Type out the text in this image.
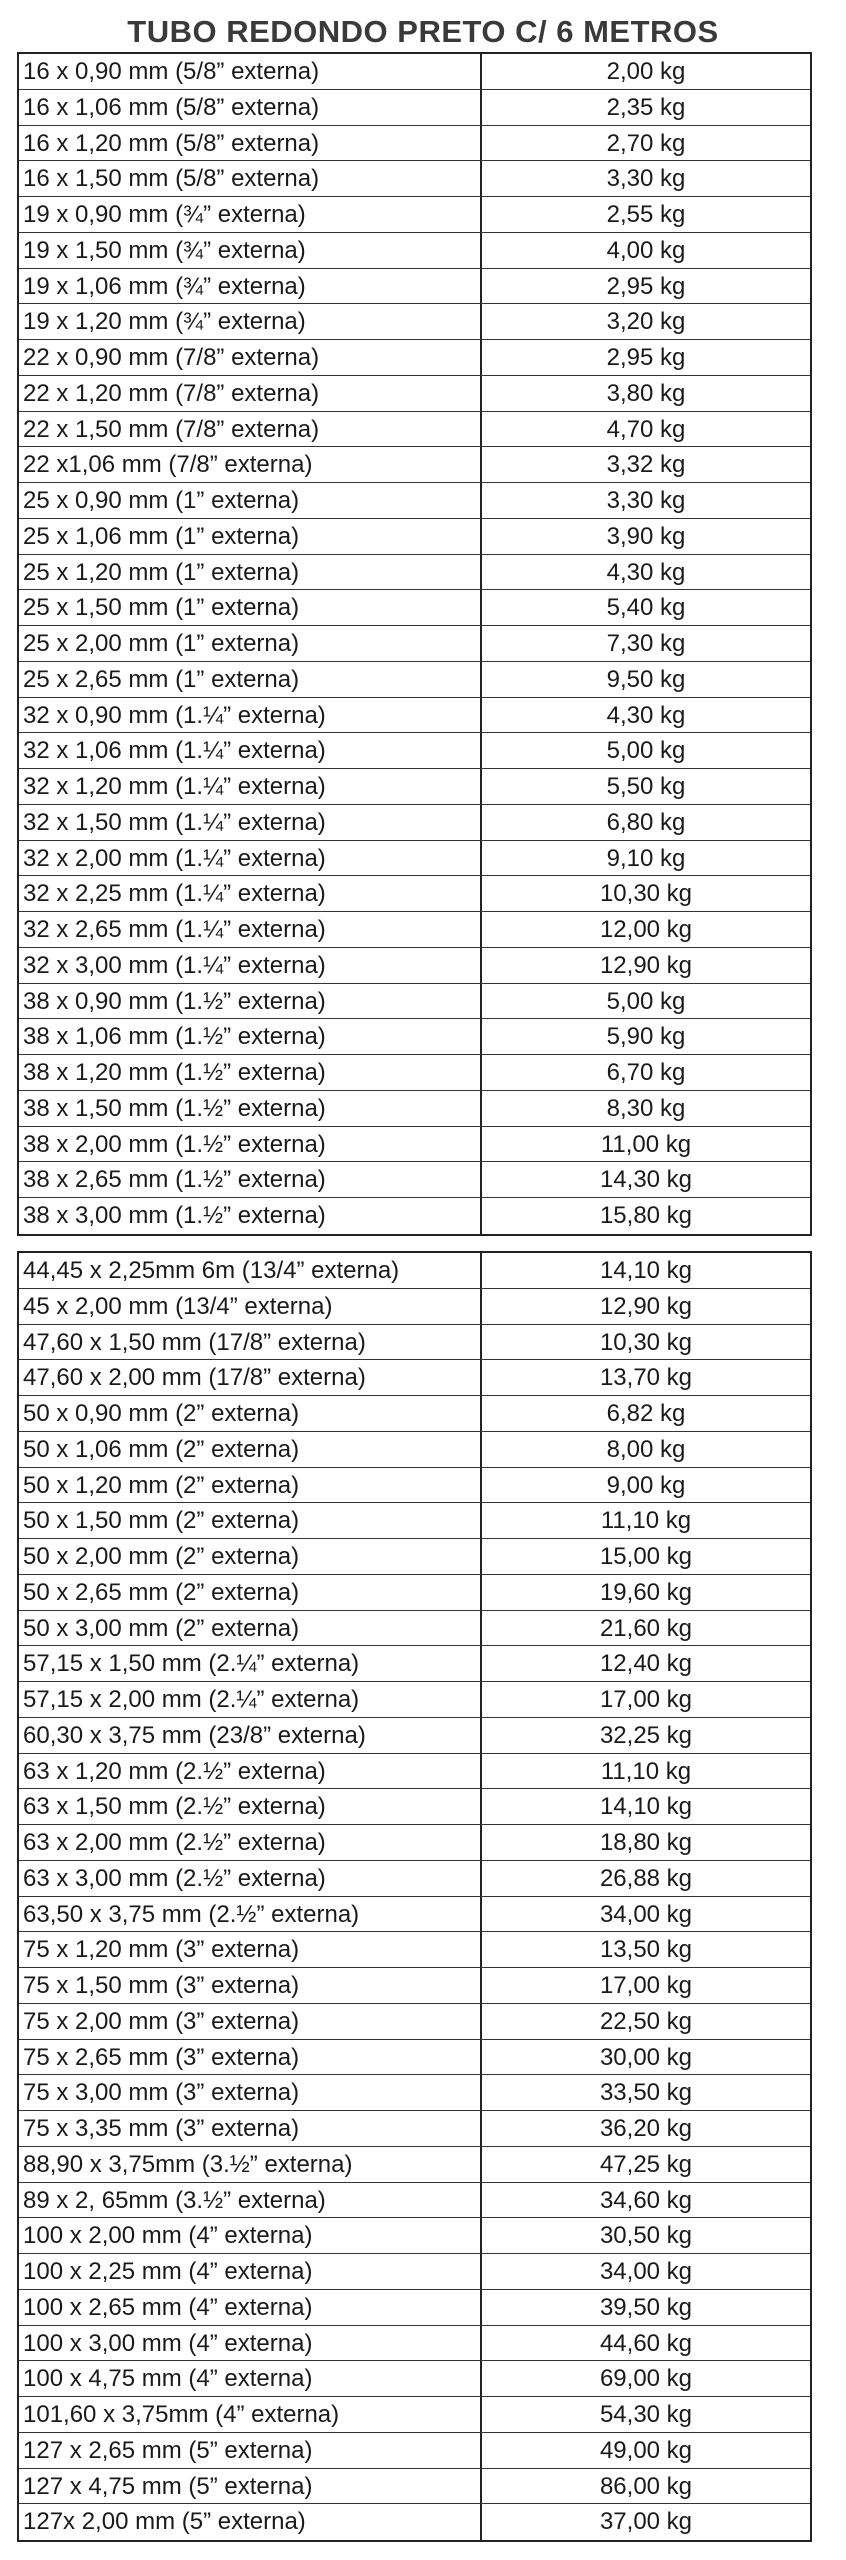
TUBO REDONDO PRETO C/ 6 METROS
16 x 0,90 mm (5/8” externa)	2,00 kg
16 x 1,06 mm (5/8” externa)	2,35 kg
16 x 1,20 mm (5/8” externa)	2,70 kg
16 x 1,50 mm (5/8” externa)	3,30 kg
19 x 0,90 mm (¾” externa)	2,55 kg
19 x 1,50 mm (¾” externa)	4,00 kg
19 x 1,06 mm (¾” externa)	2,95 kg
19 x 1,20 mm (¾” externa)	3,20 kg
22 x 0,90 mm (7/8” externa)	2,95 kg
22 x 1,20 mm (7/8” externa)	3,80 kg
22 x 1,50 mm (7/8” externa)	4,70 kg
22 x1,06 mm (7/8” externa)	3,32 kg
25 x 0,90 mm (1” externa)	3,30 kg
25 x 1,06 mm (1” externa)	3,90 kg
25 x 1,20 mm (1” externa)	4,30 kg
25 x 1,50 mm (1” externa)	5,40 kg
25 x 2,00 mm (1” externa)	7,30 kg
25 x 2,65 mm (1” externa)	9,50 kg
32 x 0,90 mm (1.¼” externa)	4,30 kg
32 x 1,06 mm (1.¼” externa)	5,00 kg
32 x 1,20 mm (1.¼” externa)	5,50 kg
32 x 1,50 mm (1.¼” externa)	6,80 kg
32 x 2,00 mm (1.¼” externa)	9,10 kg
32 x 2,25 mm (1.¼” externa)	10,30 kg
32 x 2,65 mm (1.¼” externa)	12,00 kg
32 x 3,00 mm (1.¼” externa)	12,90 kg
38 x 0,90 mm (1.½” externa)	5,00 kg
38 x 1,06 mm (1.½” externa)	5,90 kg
38 x 1,20 mm (1.½” externa)	6,70 kg
38 x 1,50 mm (1.½” externa)	8,30 kg
38 x 2,00 mm (1.½” externa)	11,00 kg
38 x 2,65 mm (1.½” externa)	14,30 kg
38 x 3,00 mm (1.½” externa)	15,80 kg
44,45 x 2,25mm 6m (13/4” externa)	14,10 kg
45 x 2,00 mm (13/4” externa)	12,90 kg
47,60 x 1,50 mm (17/8” externa)	10,30 kg
47,60 x 2,00 mm (17/8” externa)	13,70 kg
50 x 0,90 mm (2” externa)	6,82 kg
50 x 1,06 mm (2” externa)	8,00 kg
50 x 1,20 mm (2” externa)	9,00 kg
50 x 1,50 mm (2” externa)	11,10 kg
50 x 2,00 mm (2” externa)	15,00 kg
50 x 2,65 mm (2” externa)	19,60 kg
50 x 3,00 mm (2” externa)	21,60 kg
57,15 x 1,50 mm (2.¼” externa)	12,40 kg
57,15 x 2,00 mm (2.¼” externa)	17,00 kg
60,30 x 3,75 mm (23/8” externa)	32,25 kg
63 x 1,20 mm (2.½” externa)	11,10 kg
63 x 1,50 mm (2.½” externa)	14,10 kg
63 x 2,00 mm (2.½” externa)	18,80 kg
63 x 3,00 mm (2.½” externa)	26,88 kg
63,50 x 3,75 mm (2.½” externa)	34,00 kg
75 x 1,20 mm (3” externa)	13,50 kg
75 x 1,50 mm (3” externa)	17,00 kg
75 x 2,00 mm (3” externa)	22,50 kg
75 x 2,65 mm (3” externa)	30,00 kg
75 x 3,00 mm (3” externa)	33,50 kg
75 x 3,35 mm (3” externa)	36,20 kg
88,90 x 3,75mm (3.½” externa)	47,25 kg
89 x 2, 65mm (3.½” externa)	34,60 kg
100 x 2,00 mm (4” externa)	30,50 kg
100 x 2,25 mm (4” externa)	34,00 kg
100 x 2,65 mm (4” externa)	39,50 kg
100 x 3,00 mm (4” externa)	44,60 kg
100 x 4,75 mm (4” externa)	69,00 kg
101,60 x 3,75mm (4” externa)	54,30 kg
127 x 2,65 mm (5” externa)	49,00 kg
127 x 4,75 mm (5” externa)	86,00 kg
127x 2,00 mm (5” externa)	37,00 kg
